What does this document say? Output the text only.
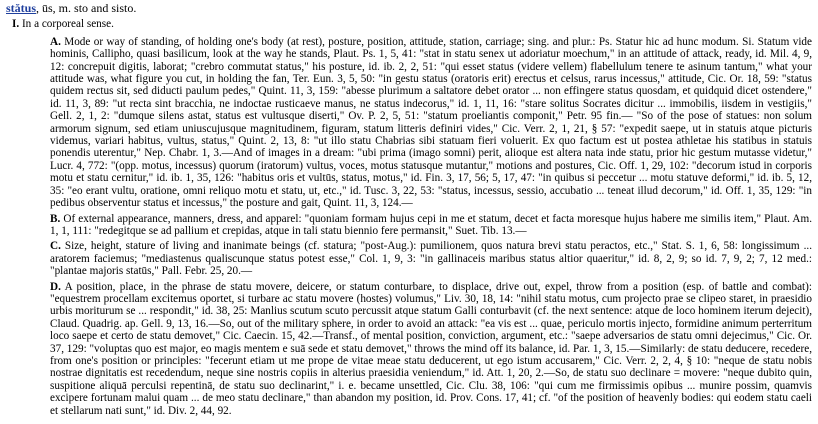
stătus, ūs, m. sto and sisto.
I. In a corporeal sense.
A. Mode or way of standing, of holding one's body (at rest), posture, position, attitude, station, carriage; sing. and plur.: Ps. Statur hic ad hunc modum. Si. Statum vide hominis, Callipho, quasi basilicum, look at the way he stands, Plaut. Ps. 1, 5, 41: "stat in statu senex ut adoriatur moechum," in an attitude of attack, ready, id. Mil. 4, 9, 12: concrepuit digitis, laborat; "crebro commutat status," his posture, id. ib. 2, 2, 51: "qui esset status (videre vellem) flabellulum tenere te asinum tantum," what your attitude was, what figure you cut, in holding the fan, Ter. Eun. 3, 5, 50: "in gestu status (oratoris erit) erectus et celsus, rarus incessus," attitude, Cic. Or. 18, 59: "status quidem rectus sit, sed diducti paulum pedes," Quint. 11, 3, 159: "abesse plurimum a saltatore debet orator ... non effingere status quosdam, et quidquid dicet ostendere," id. 11, 3, 89: "ut recta sint bracchia, ne indoctae rusticaeve manus, ne status indecorus," id. 1, 11, 16: "stare solitus Socrates dicitur ... immobilis, iisdem in vestigiis," Gell. 2, 1, 2: "dumque silens astat, status est vultusque diserti," Ov. P. 2, 5, 51: "statum proeliantis componit," Petr. 95 fin.— "So of the pose of statues: non solum armorum signum, sed etiam uniuscujusque magnitudinem, figuram, statum litteris definiri vides," Cic. Verr. 2, 1, 21, § 57: "expedit saepe, ut in statuis atque picturis videmus, variari habitus, vultus, status," Quint. 2, 13, 8: "ut illo statu Chabrias sibi statuam fieri voluerit. Ex quo factum est ut postea athletae his statibus in statuis ponendis uterentur," Nep. Chabr. 1, 3.—And of images in a dream: "ubi prima (imago somni) perit, alioque est altera nata inde statu, prior hic gestum mutasse videtur," Lucr. 4, 772: "(opp. motus, incessus) quorum (iratorum) vultus, voces, motus statusque mutantur," motions and postures, Cic. Off. 1, 29, 102: "decorum istud in corporis motu et statu cernitur," id. ib. 1, 35, 126: "habitus oris et vultūs, status, motus," id. Fin. 3, 17, 56; 5, 17, 47: "in quibus si peccetur ... motu statuve deformi," id. ib. 5, 12, 35: "eo erant vultu, oratione, omni reliquo motu et statu, ut, etc.," id. Tusc. 3, 22, 53: "status, incessus, sessio, accubatio ... teneat illud decorum," id. Off. 1, 35, 129: "in pedibus observentur status et incessus," the posture and gait, Quint. 11, 3, 124.—
B. Of external appearance, manners, dress, and apparel: "quoniam formam hujus cepi in me et statum, decet et facta moresque hujus habere me similis item," Plaut. Am. 1, 1, 111: "redegitque se ad pallium et crepidas, atque in tali statu biennio fere permansit," Suet. Tib. 13.—
C. Size, height, stature of living and inanimate beings (cf. statura; "post-Aug.): pumilionem, quos natura brevi statu peractos, etc.," Stat. S. 1, 6, 58: longissimum ... aratorem faciemus; "mediastenus qualiscunque status potest esse," Col. 1, 9, 3: "in gallinaceis maribus status altior quaeritur," id. 8, 2, 9; so id. 7, 9, 2; 7, 12 med.: "plantae majoris statūs," Pall. Febr. 25, 20.—
D. A position, place, in the phrase de statu movere, deicere, or statum conturbare, to displace, drive out, expel, throw from a position (esp. of battle and combat): "equestrem procellam excitemus oportet, si turbare ac statu movere (hostes) volumus," Liv. 30, 18, 14: "nihil statu motus, cum projecto prae se clipeo staret, in praesidio urbis moriturum se ... respondit," id. 38, 25: Manlius scutum scuto percussit atque statum Galli conturbavit (cf. the next sentence: atque de loco hominem iterum dejecit), Claud. Quadrig. ap. Gell. 9, 13, 16.—So, out of the military sphere, in order to avoid an attack: "ea vis est ... quae, periculo mortis injecto, formidine animum perterritum loco saepe et certo de statu demovet," Cic. Caecin. 15, 42.—Transf., of mental position, conviction, argument, etc.: "saepe adversarios de statu omni dejecimus," Cic. Or. 37, 129: "voluptas quo est major, eo magis mentem e suā sede et statu demovet," throws the mind off its balance, id. Par. 1, 3, 15.—Similarly: de statu deducere, recedere, from one's position or principles: "fecerunt etiam ut me prope de vitae meae statu deducerent, ut ego istum accusarem," Cic. Verr. 2, 2, 4, § 10: "neque de statu nobis nostrae dignitatis est recedendum, neque sine nostris copiis in alterius praesidia veniendum," id. Att. 1, 20, 2.—So, de statu suo declinare = movere: "neque dubito quin, suspitione aliquā perculsi repentinā, de statu suo declinarint," i. e. became unsettled, Cic. Clu. 38, 106: "qui cum me firmissimis opibus ... munire possim, quamvis excipere fortunam malui quam ... de meo statu declinare," than abandon my position, id. Prov. Cons. 17, 41; cf. "of the position of heavenly bodies: qui eodem statu caeli et stellarum nati sunt," id. Div. 2, 44, 92.
